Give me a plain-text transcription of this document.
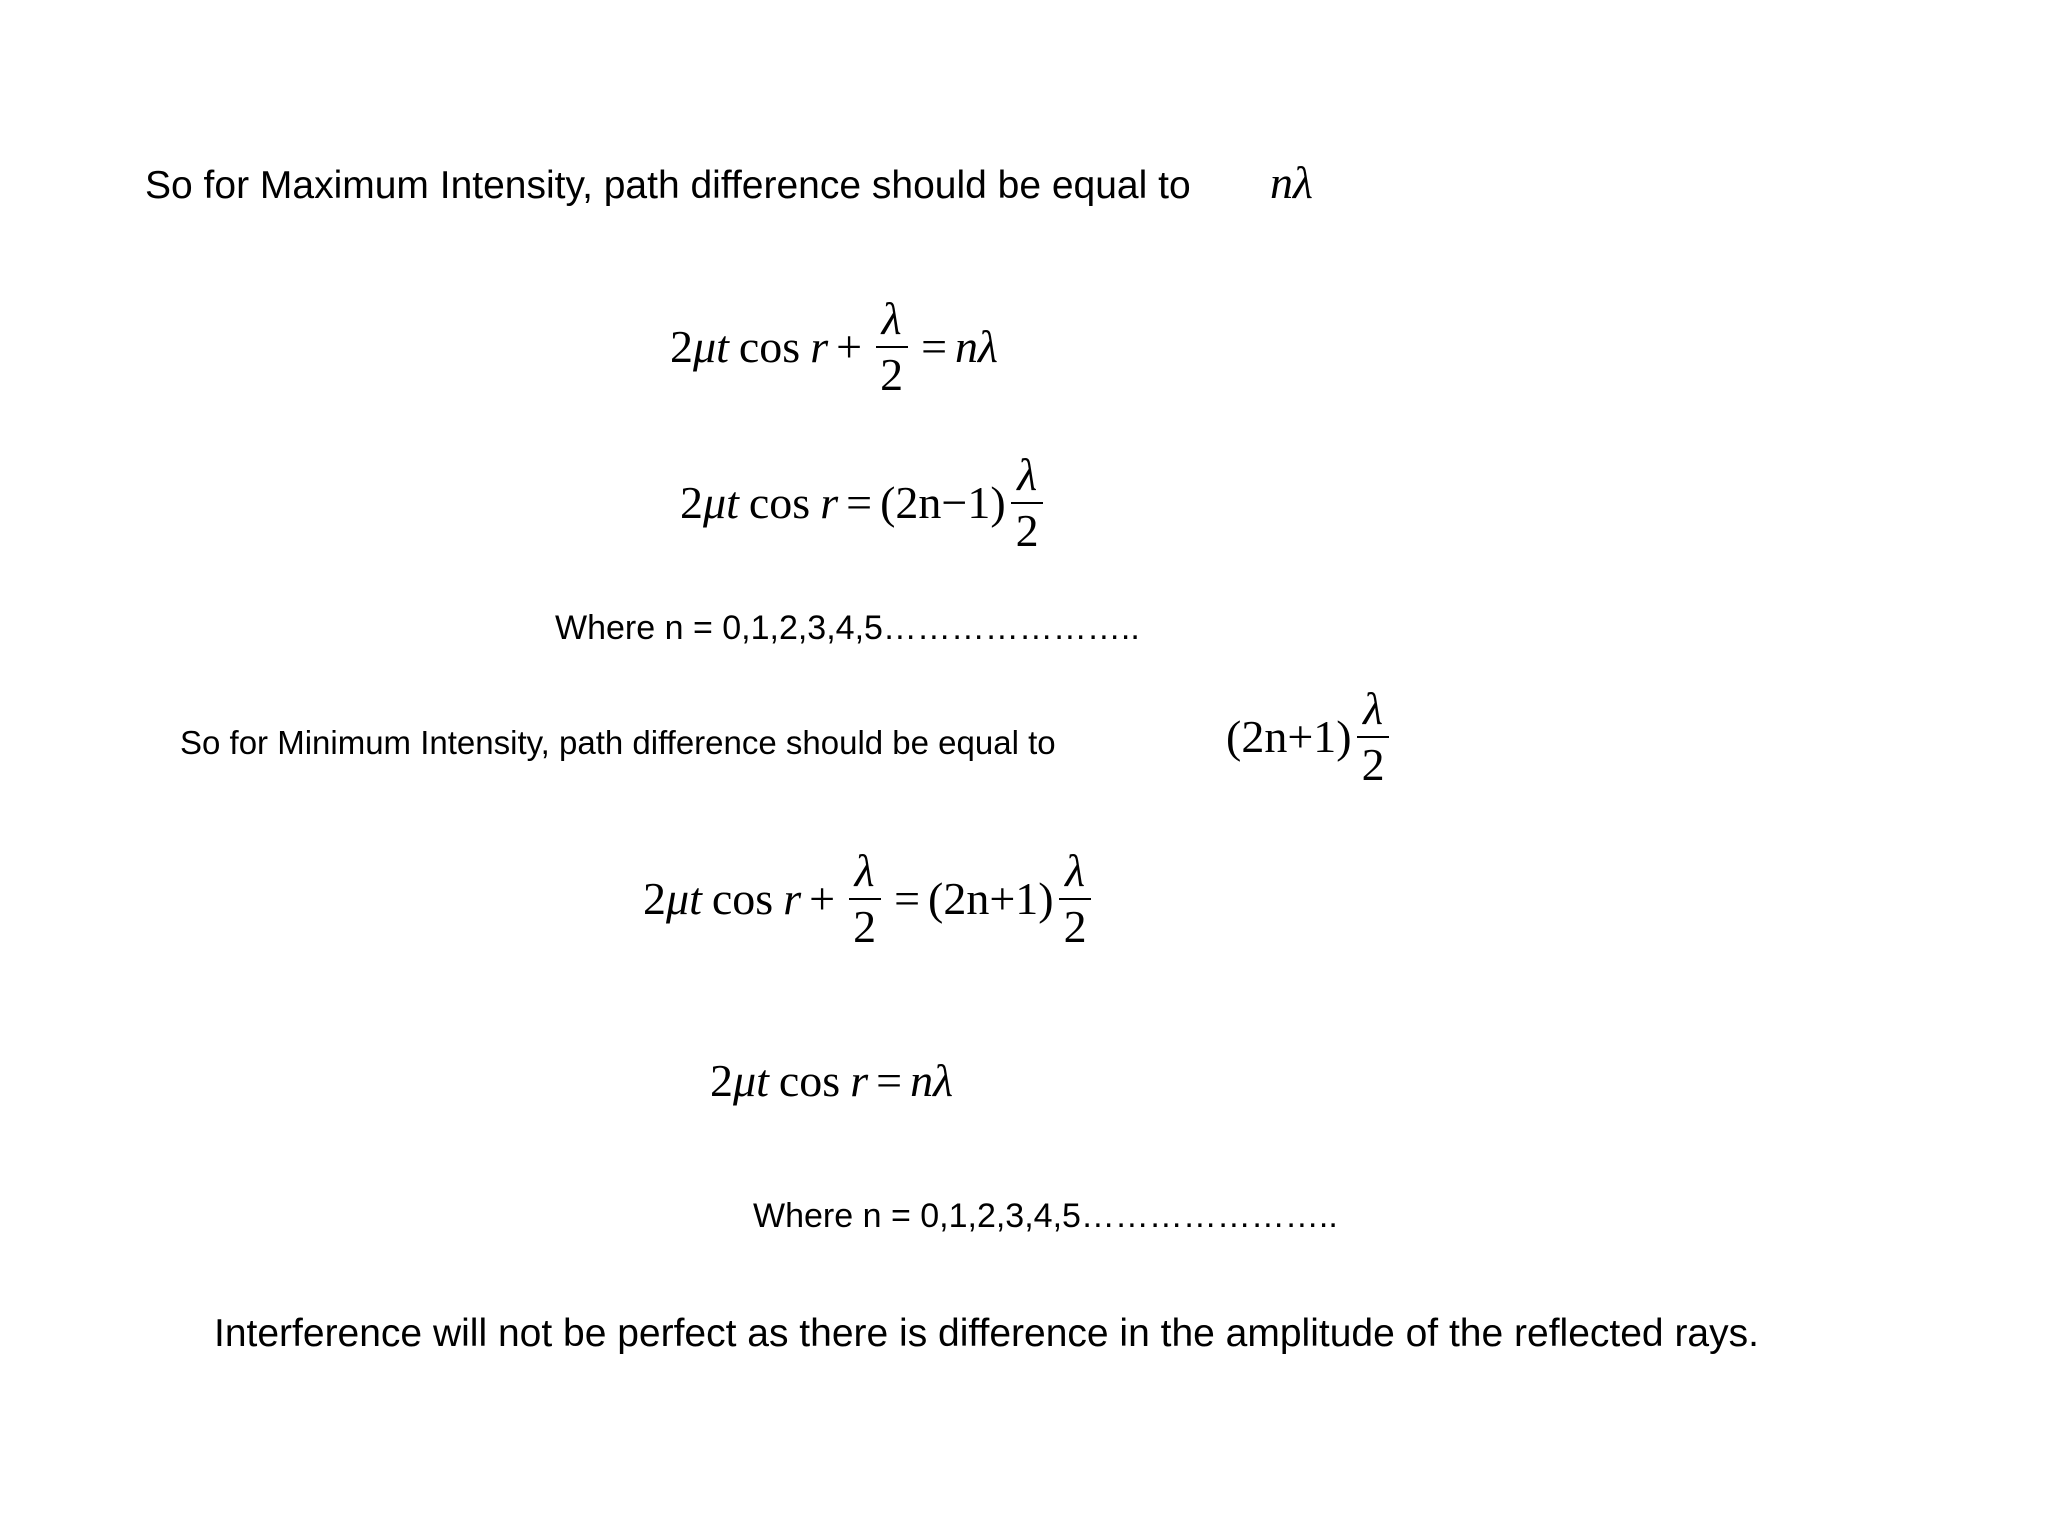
So for Maximum Intensity, path difference should be equal to nλ
2 μt $\cos r + \frac{\lambda}{2} = n\lambda$
2 μt $\cos r = (2n-1) \frac{\lambda}{2}$
Where n = 0,1,2,3,4,5…………………..
So for Minimum Intensity, path difference should be equal to	$(2n+1) \frac{\lambda}{2}$
2 μt $\cos r + \frac{\lambda}{2} = (2n+1) \frac{\lambda}{2}$
2 μt cos r = nλ
Where n = 0,1,2,3,4,5…………………..
Interference will not be perfect as there is difference in the amplitude of the reflected rays.
